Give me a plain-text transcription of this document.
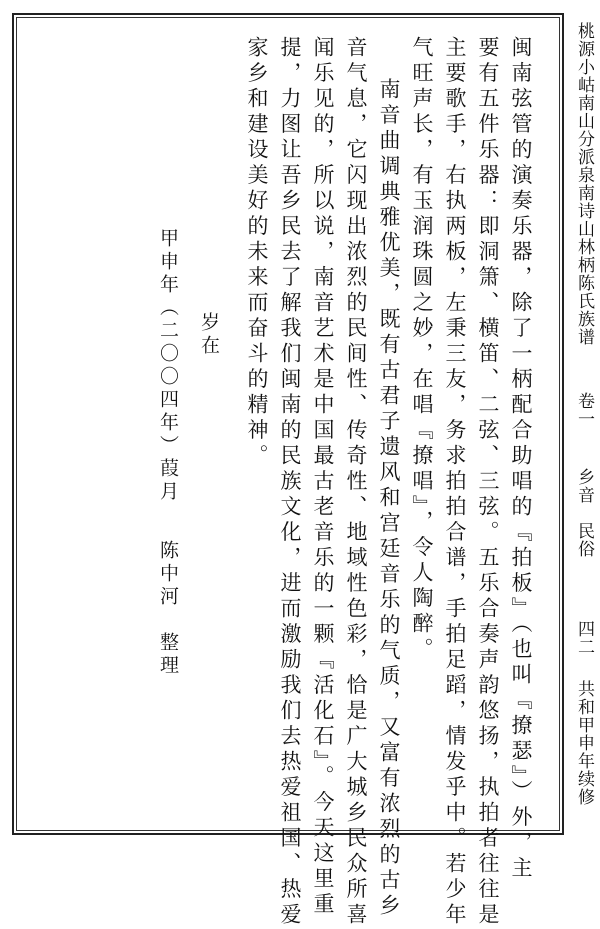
闽南弦管的演奏乐器，除了一柄配合助唱的『拍板』（也叫『撩瑟』）外，主
要有五件乐器：即洞箫、横笛、二弦、三弦。五乐合奏声韵悠扬，执拍者往往是
主要歌手，右执两板，左秉三友，务求拍拍合谱，手拍足蹈，情发乎中。若少年
气旺声长，有玉润珠圆之妙，在唱『撩唱』，令人陶醉。
南音曲调典雅优美，既有古君子遗风和宫廷音乐的气质，又富有浓烈的古乡
音气息，它闪现出浓烈的民间性、传奇性、地域性色彩，恰是广大城乡民众所喜
闻乐见的，所以说，南音艺术是中国最古老音乐的一颗『活化石』。今天这里重
提，力图让吾乡民去了解我们闽南的民族文化，进而激励我们去热爱祖国、热爱
家乡和建设美好的未来而奋斗的精神。
岁在
甲申年（二〇〇四年）葭月
陈中河　整理
桃源小岵南山分派泉南诗山林柄陈氏族谱
卷一
乡音　民俗
四二
共和甲申年续修
